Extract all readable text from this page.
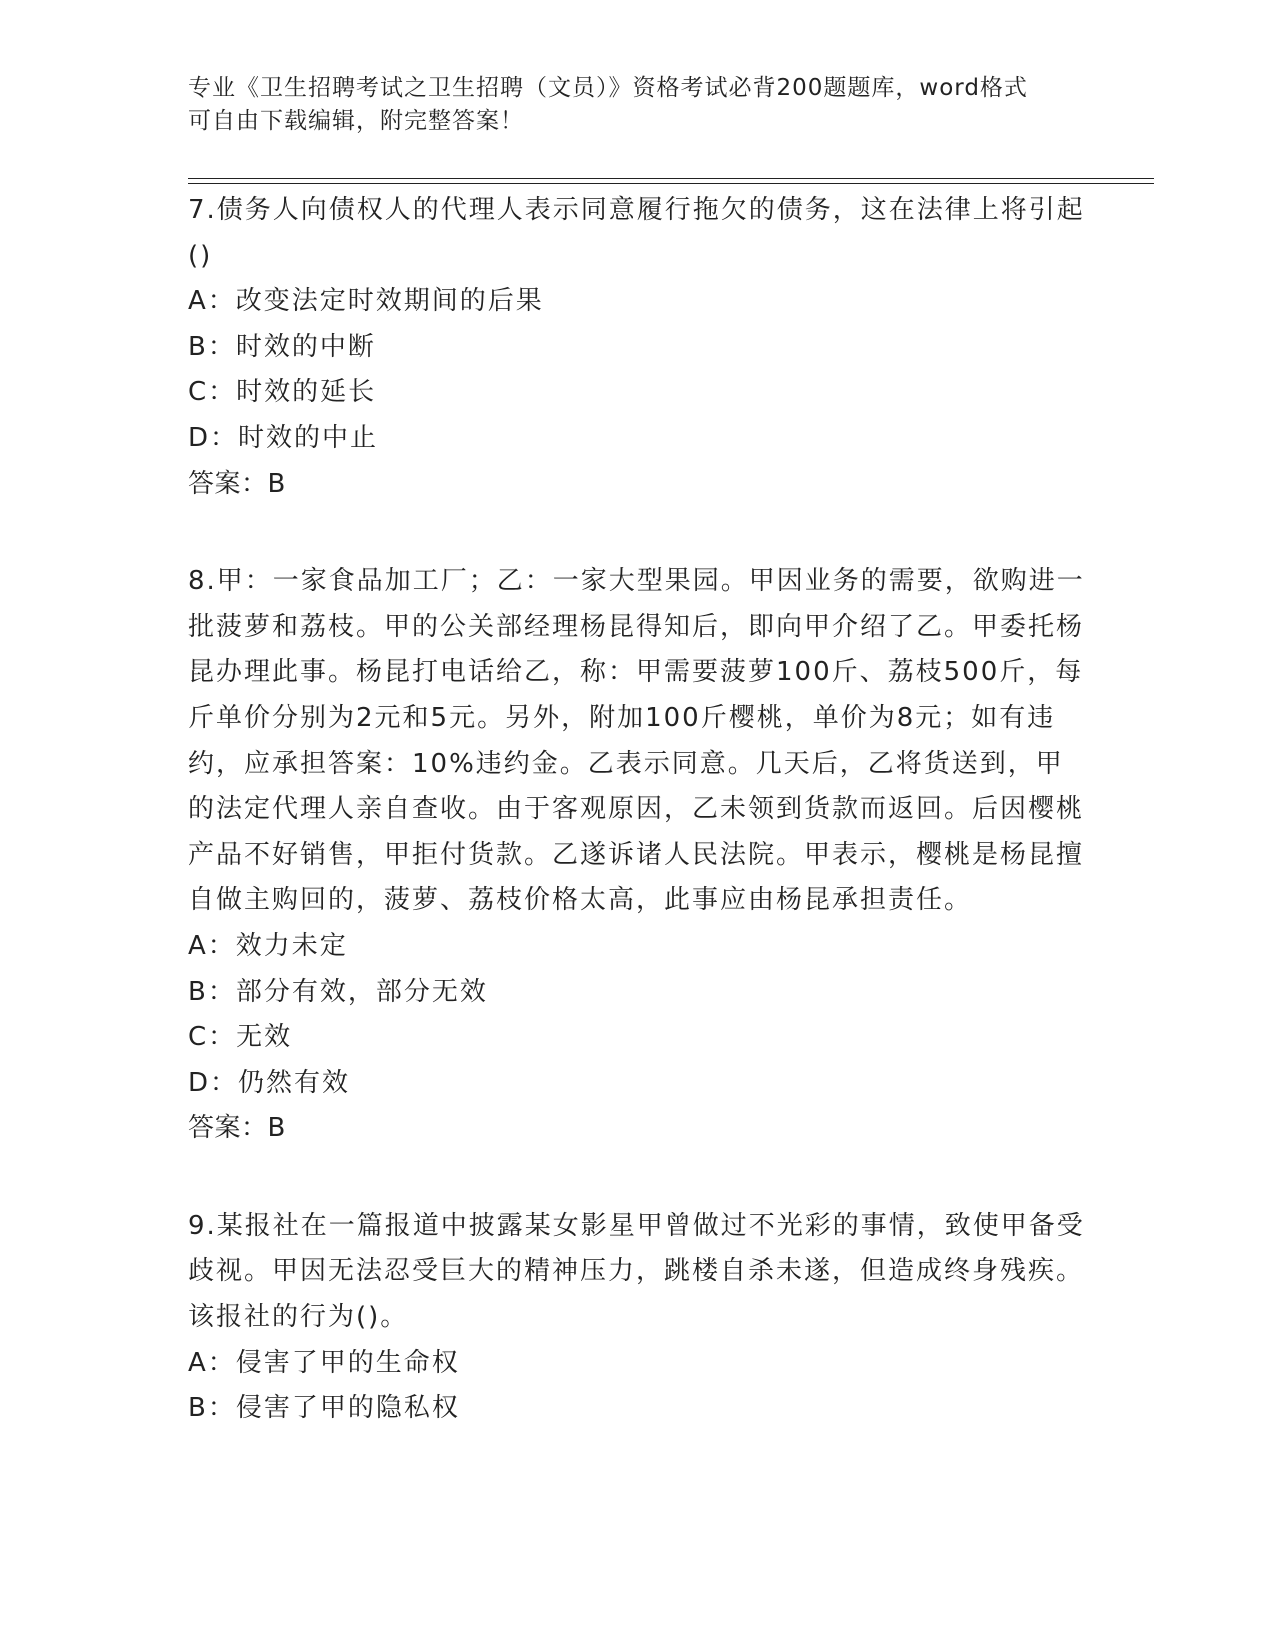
专业《卫生招聘考试之卫生招聘（文员）》资格考试必背200题题库，word格式
可自由下载编辑，附完整答案！

7.债务人向债权人的代理人表示同意履行拖欠的债务，这在法律上将引起()

A：改变法定时效期间的后果

B：时效的中断

C：时效的延长

D：时效的中止

答案：B

8.甲：一家食品加工厂；乙：一家大型果园。甲因业务的需要，欲购进一批菠萝和荔枝。甲的公关部经理杨昆得知后，即向甲介绍了乙。甲委托杨昆办理此事。杨昆打电话给乙，称：甲需要菠萝100斤、荔枝500斤，每斤单价分别为2元和5元。另外，附加100斤樱桃，单价为8元；如有违约，应承担答案：10%违约金。乙表示同意。几天后，乙将货送到，甲的法定代理人亲自查收。由于客观原因，乙未领到货款而返回。后因樱桃产品不好销售，甲拒付货款。乙遂诉诸人民法院。甲表示，樱桃是杨昆擅自做主购回的，菠萝、荔枝价格太高，此事应由杨昆承担责任。

A：效力未定

B：部分有效，部分无效

C：无效

D：仍然有效

答案：B

9.某报社在一篇报道中披露某女影星甲曾做过不光彩的事情，致使甲备受歧视。甲因无法忍受巨大的精神压力，跳楼自杀未遂，但造成终身残疾。该报社的行为()。

A：侵害了甲的生命权

B：侵害了甲的隐私权
